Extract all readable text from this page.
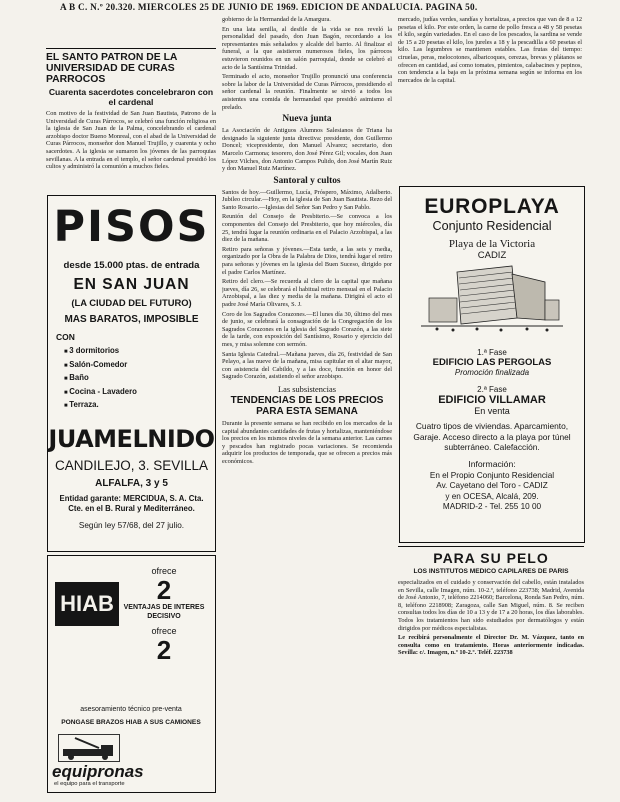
A B C. N.º 20.320. MIERCOLES 25 DE JUNIO DE 1969. EDICION DE ANDALUCIA. PAGINA 50.

EL SANTO PATRON DE LA UNIVERSIDAD DE CURAS PARROCOS

Cuarenta sacerdotes concelebraron con el cardenal

Con motivo de la festividad de San Juan Bautista, Patrono de la Universidad de Curas Párrocos, se celebró una función religiosa en la iglesia de San Juan de la Palma, concelebrando el cardenal arzobispo doctor Bueno Monreal, con el abad de la Universidad de Curas Párrocos, monseñor don Manuel Trujillo, y cuarenta y ocho sacerdotes. A la iglesia se sumaron los jóvenes de las parroquias sevillanas. A la entrada en el templo, el señor cardenal presidió los cultos y administró la comunión a muchos fieles.

PISOS
desde 15.000 ptas. de entrada
EN SAN JUAN
(LA CIUDAD DEL FUTURO)
MAS BARATOS, IMPOSIBLE
CON
■ 3 dormitorios
■ Salón-Comedor
■ Baño
■ Cocina - Lavadero
■ Terraza.
JUAMELNIDO
CANDILEJO, 3. SEVILLA
ALFALFA, 3 y 5
Entidad garante: MERCIDUA, S. A. Cta. Cte. en el B. Rural y Mediterráneo.
Según ley 57/68, del 27 julio.
HIAB
ofrece
2
VENTAJAS DE INTERES DECISIVO
ofrece
2
asesoramiento técnico pre-venta
PONGASE BRAZOS HIAB A SUS CAMIONES
equipronas
el equipo para el transporte

gobierno de la Hermandad de la Amargura.

En una lata senilla, al desfile de la vida se nos reveló la personalidad del pasado, don Juan Bagón, recordando a los representantes más señalados y alcalde del barrio. Al finalizar el funeral, a la que asistieron numerosos fieles, los párrocos estuvieron reunidos en un salón parroquial, donde se celebró el acto de la Santísima Trinidad.

Terminado el acto, monseñor Trujillo pronunció una conferencia sobre la labor de la Universidad de Curas Párrocos, presidiendo el señor cardenal la reunión. Finalmente se sirvió a todos los asistentes una comida de hermandad que presidió asimismo el prelado.

Nueva junta

La Asociación de Antiguos Alumnos Salesianos de Triana ha designado la siguiente junta directiva: presidente, don Guillermo Doncel; vicepresidente, don Manuel Alvarez; secretario, don Marcelo Carmona; tesorero, don José Pérez Gil; vocales, don Juan López Vilches, don Antonio Campos Pulido, don José Martín Ruiz y don Manuel Ruiz Martínez.

Santoral y cultos

Santos de hoy.—Guillermo, Lucía, Próspero, Máximo, Adalberto. Jubileo circular.—Hoy, en la iglesia de San Juan Bautista. Rezo del Santo Rosario.—Iglesias del Señor San Pedro y San Pablo.

Reunión del Consejo de Presbiterio.—Se convoca a los componentes del Consejo del Presbiterio, que hoy miércoles, día 25, tendrá lugar la reunión ordinaria en el Palacio Arzobispal, a las diez de la mañana.

Retiro para señoras y jóvenes.—Esta tarde, a las seis y media, organizado por la Obra de la Palabra de Dios, tendrá lugar el retiro para señoras y jóvenes en la iglesia del Buen Suceso, dirigido por el padre Carlos Martínez.

Retiro del clero.—Se recuerda al clero de la capital que mañana jueves, día 26, se celebrará el habitual retiro mensual en el Palacio Arzobispal, a las diez y media de la mañana. Dirigirá el acto el padre José María Olivares, S. J.

Coro de los Sagrados Corazones.—El lunes día 30, último del mes de junio, se celebrará la consagración de la Congregación de los Sagrados Corazones en la iglesia del Sagrado Corazón, a las siete de la tarde, con exposición del Santísimo, Rosario y ejercicio del mes, y misa solemne con sermón.

Santa Iglesia Catedral.—Mañana jueves, día 26, festividad de San Pelayo, a las nueve de la mañana, misa capitular en el altar mayor, con asistencia del Cabildo, y a las doce, función en honor del Sagrado Corazón, asistiendo el señor arzobispo.

Las subsistencias

TENDENCIAS DE LOS PRECIOS PARA ESTA SEMANA

Durante la presente semana se han recibido en los mercados de la capital abundantes cantidades de frutas y hortalizas, manteniéndose los precios en los mismos niveles de la semana anterior. Las carnes y pescados han registrado pocas variaciones. Se recomienda adquirir los productos de temporada, que se ofrecen a precios más económicos.

mercado, judías verdes, sandías y hortalizas, a precios que van de 8 a 12 pesetas el kilo. Por este orden, la carne de pollo fresca a 48 y 58 pesetas el kilo, según variedades. En el caso de los pescados, la sardina se vende de 15 a 20 pesetas el kilo, los jureles a 18 y la pescadilla a 60 pesetas el kilo. Las legumbres se mantienen estables. Las frutas del tiempo: ciruelas, peras, melocotones, albaricoques, cerezas, brevas y plátanos se ofrecen en cantidad, así como tomates, pimientos, calabacines y pepinos, con tendencia a la baja en la próxima semana según se informa en los mercados de la capital.

EUROPLAYA
Conjunto Residencial
Playa de la Victoria
CADIZ
1.ª Fase
EDIFICIO LAS PERGOLAS
Promoción finalizada
2.ª Fase
EDIFICIO VILLAMAR
En venta
Cuatro tipos de viviendas. Aparcamiento, Garaje. Acceso directo a la playa por túnel subterráneo. Calefacción.
Información:
En el Propio Conjunto Residencial
Av. Cayetano del Toro - CADIZ
y en OCESA, Alcalá, 209.
MADRID-2 - Tel. 255 10 00
PARA SU PELO
LOS INSTITUTOS MEDICO CAPILARES DE PARIS

especializados en el cuidado y conservación del cabello, están instalados en Sevilla, calle Imagen, núm. 10-2.º, teléfono 223738; Madrid, Avenida de José Antonio, 7, teléfono 2214060; Barcelona, Ronda San Pedro, núm. 8, teléfono 2218908; Zaragoza, calle San Miguel, núm. 8. Se reciben consultas todos los días de 10 a 13 y de 17 a 20 horas, los días laborables. Todos los tratamientos han sido estudiados por dermatólogos y están dirigidos por médicos especialistas.

Le recibirá personalmente el Director Dr. M. Vázquez, tanto en consulta como en tratamiento. Horas anteriormente indicadas. Sevilla: c/. Imagen, n.º 10-2.º. Teléf. 223738
